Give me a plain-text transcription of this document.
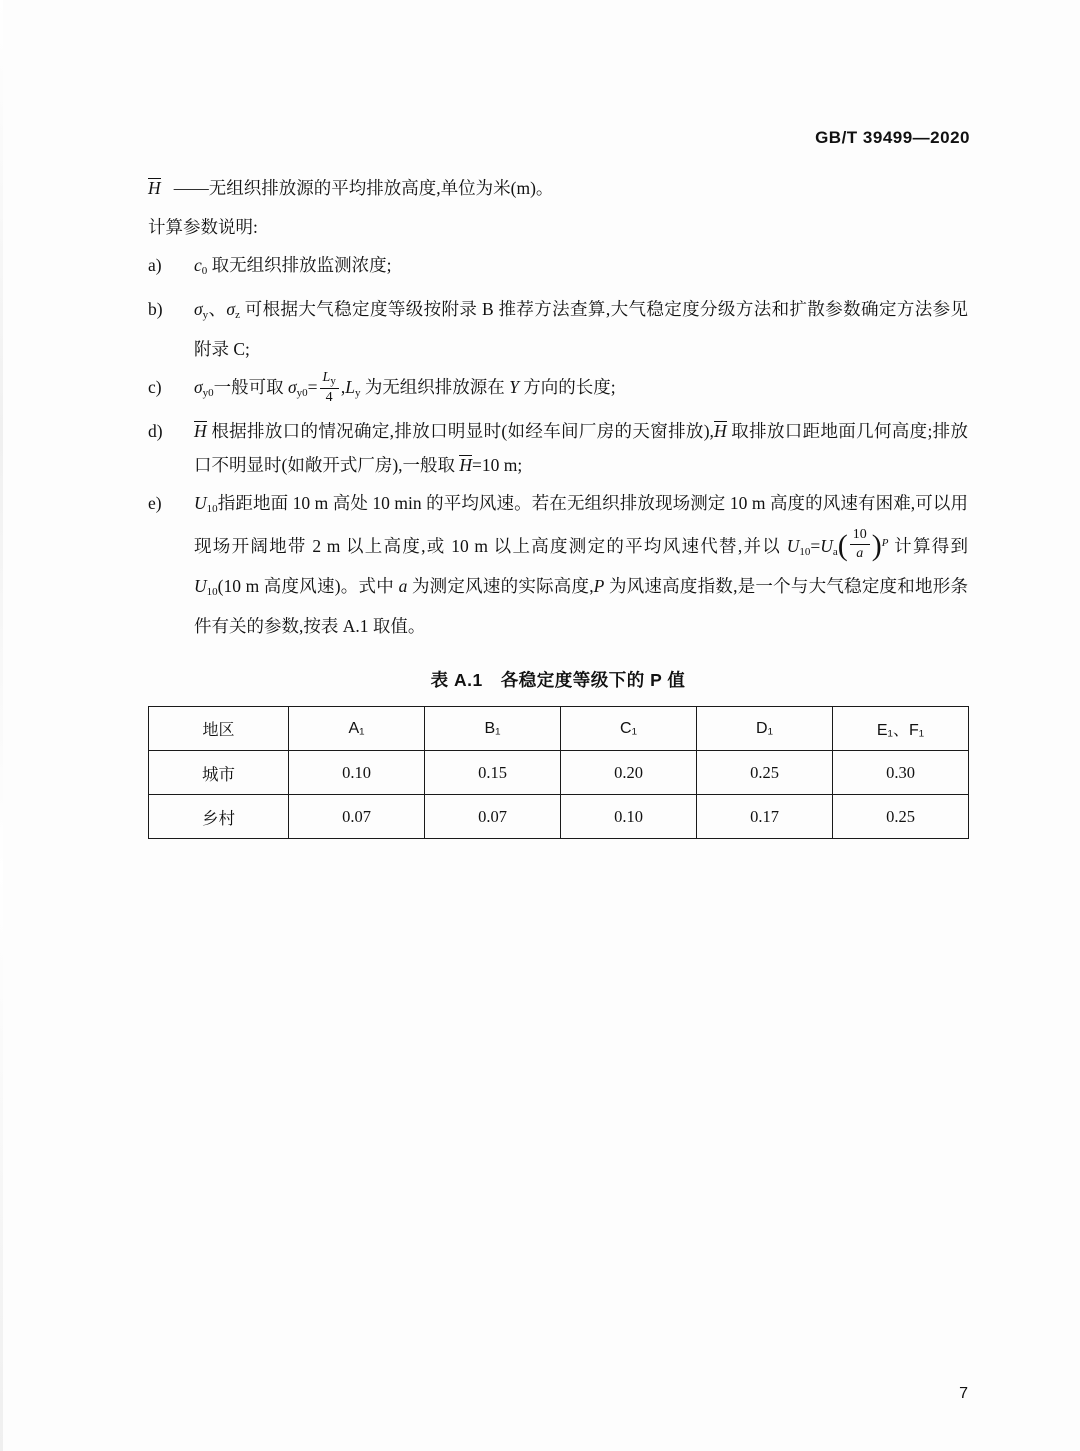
GB/T 39499—2020
H   ——无组织排放源的平均排放高度,单位为米(m)。
计算参数说明:
a)	$c_0$ 取无组织排放监测浓度;
b)	$\sigma_y$、$\sigma_z$ 可根据大气稳定度等级按附录 B 推荐方法查算,大气稳定度分级方法和扩散参数确定方法参见附录 C;
c)	$\sigma_{y0}$一般可取 $\sigma_{y0}= \frac{L_y}{4} ,L_y$ 为无组织排放源在 Y 方向的长度;
d)	H 根据排放口的情况确定,排放口明显时(如经车间厂房的天窗排放),H 取排放口距地面几何高度;排放口不明显时(如敞开式厂房),一般取 H=10 m;
e)	$U_{10}$指距地面 10 m 高处 10 min 的平均风速。若在无组织排放现场测定 10 m 高度的风速有困难,可以用现场开阔地带 2 m 以上高度,或 10 m 以上高度测定的平均风速代替,并以 $U_{10}=U_a$ ( $\frac{10}{a}$ ) $^P$ 计算得到 $U_{10}(10$ m 高度风速)。式中 a 为测定风速的实际高度,P 为风速高度指数,是一个与大气稳定度和地形条件有关的参数,按表 A.1 取值。
表 A.1　各稳定度等级下的 P 值
地区	A₁	B₁	C₁	D₁	E₁、F₁
城市	0.10	0.15	0.20	0.25	0.30
乡村	0.07	0.07	0.10	0.17	0.25
7
